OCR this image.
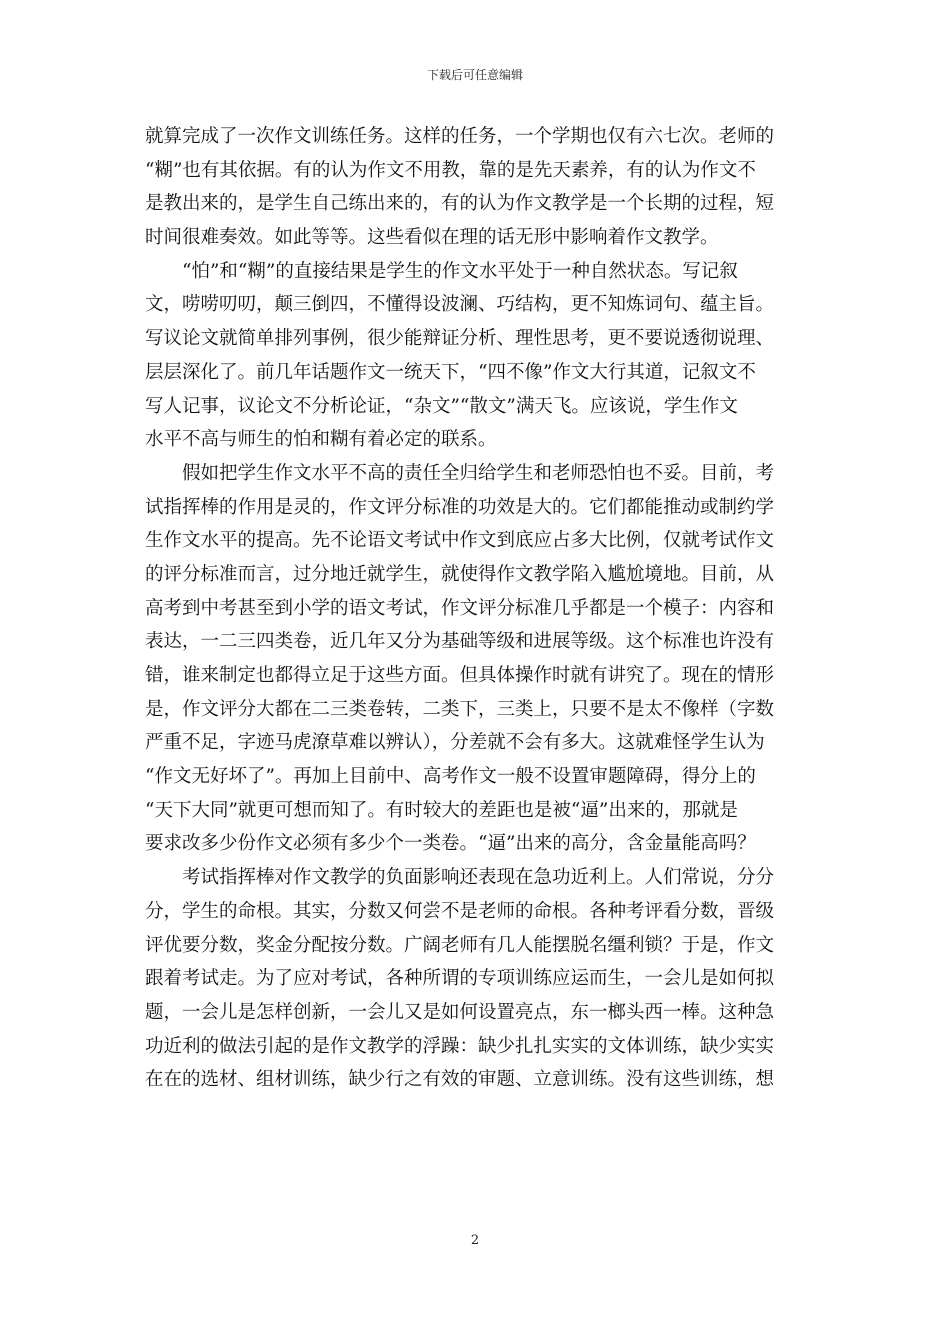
下载后可任意编辑
就算完成了一次作文训练任务。这样的任务，一个学期也仅有六七次。老师的
“糊”也有其依据。有的认为作文不用教，靠的是先天素养，有的认为作文不
是教出来的，是学生自己练出来的，有的认为作文教学是一个长期的过程，短
时间很难奏效。如此等等。这些看似在理的话无形中影响着作文教学。
“怕”和“糊”的直接结果是学生的作文水平处于一种自然状态。写记叙
文，唠唠叨叨，颠三倒四，不懂得设波澜、巧结构，更不知炼词句、蕴主旨。
写议论文就简单排列事例，很少能辩证分析、理性思考，更不要说透彻说理、
层层深化了。前几年话题作文一统天下，“四不像”作文大行其道，记叙文不
写人记事，议论文不分析论证，“杂文”“散文”满天飞。应该说，学生作文
水平不高与师生的怕和糊有着必定的联系。
假如把学生作文水平不高的责任全归给学生和老师恐怕也不妥。目前，考
试指挥棒的作用是灵的，作文评分标准的功效是大的。它们都能推动或制约学
生作文水平的提高。先不论语文考试中作文到底应占多大比例，仅就考试作文
的评分标准而言，过分地迁就学生，就使得作文教学陷入尴尬境地。目前，从
高考到中考甚至到小学的语文考试，作文评分标准几乎都是一个模子：内容和
表达，一二三四类卷，近几年又分为基础等级和进展等级。这个标准也许没有
错，谁来制定也都得立足于这些方面。但具体操作时就有讲究了。现在的情形
是，作文评分大都在二三类卷转，二类下，三类上，只要不是太不像样（字数
严重不足，字迹马虎潦草难以辨认），分差就不会有多大。这就难怪学生认为
“作文无好坏了”。再加上目前中、高考作文一般不设置审题障碍，得分上的
“天下大同”就更可想而知了。有时较大的差距也是被“逼”出来的，那就是
要求改多少份作文必须有多少个一类卷。“逼”出来的高分，含金量能高吗？
考试指挥棒对作文教学的负面影响还表现在急功近利上。人们常说，分分
分，学生的命根。其实，分数又何尝不是老师的命根。各种考评看分数，晋级
评优要分数，奖金分配按分数。广阔老师有几人能摆脱名缰利锁？于是，作文
跟着考试走。为了应对考试，各种所谓的专项训练应运而生，一会儿是如何拟
题，一会儿是怎样创新，一会儿又是如何设置亮点，东一榔头西一棒。这种急
功近利的做法引起的是作文教学的浮躁：缺少扎扎实实的文体训练，缺少实实
在在的选材、组材训练，缺少行之有效的审题、立意训练。没有这些训练，想
2
